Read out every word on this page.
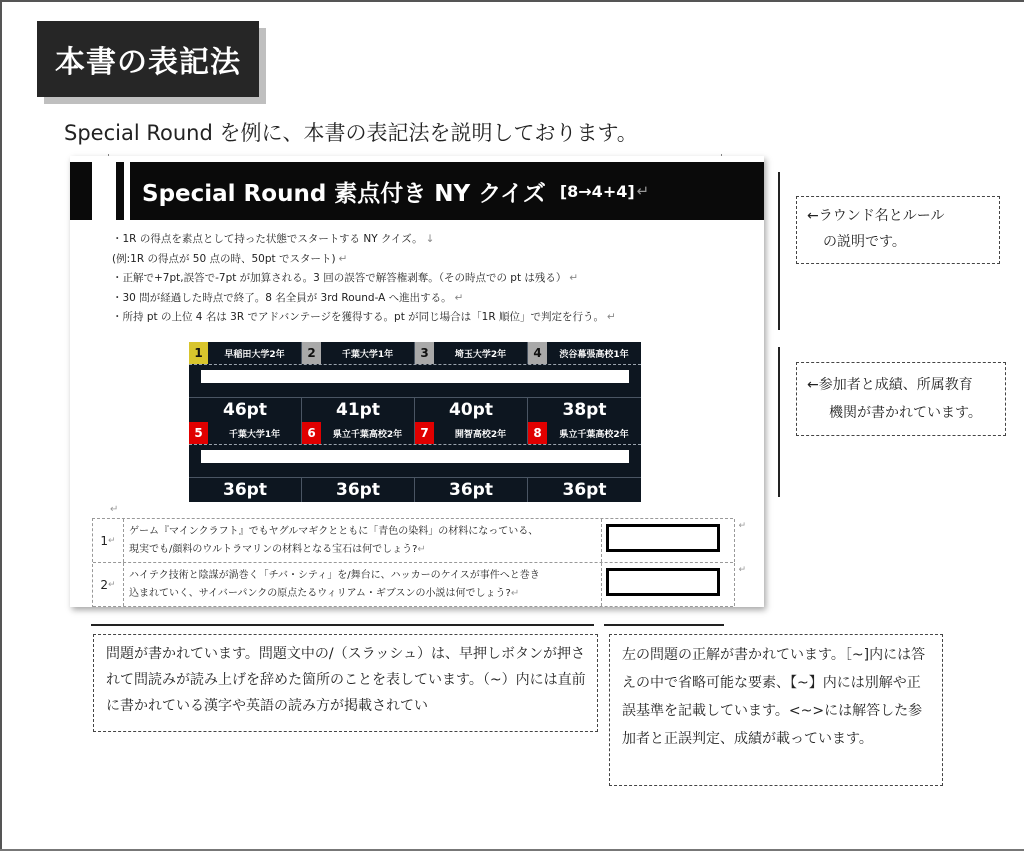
本書の表記法
Special Round を例に、本書の表記法を説明しております。
Special Round 素点付き NY クイズ [8→4+4] ↵
・1R の得点を素点として持った状態でスタートする NY クイズ。 ↓
(例:1R の得点が 50 点の時、50pt でスタート) ↵
・正解で+7pt,誤答で-7pt が加算される。3 回の誤答で解答権剥奪。（その時点での pt は残る） ↵
・30 問が経過した時点で終了。8 名全員が 3rd Round-A へ進出する。 ↵
・所持 pt の上位 4 名は 3R でアドバンテージを獲得する。pt が同じ場合は「1R 順位」で判定を行う。 ↵
1	早稲田大学2年	2	千葉大学1年	3	埼玉大学2年	4	渋谷幕張高校1年
46pt	41pt	40pt	38pt
5	千葉大学1年	6	県立千葉高校2年	7	開智高校2年	8	県立千葉高校2年
36pt	36pt	36pt	36pt
↵
1 ↵
ゲーム『マインクラフト』でもヤグルマギクとともに「青色の染料」の材料になっている、
現実でも/顔料のウルトラマリンの材料となる宝石は何でしょう?↵
↵
2 ↵
ハイテク技術と陰謀が渦巻く「チバ・シティ」を/舞台に、ハッカーのケイスが事件へと巻き
込まれていく、サイバーパンクの原点たるウィリアム・ギブスンの小説は何でしょう?↵
↵
←ラウンド名とルール
の説明です。
←参加者と成績、所属教育
機関が書かれています。
問題が書かれています。問題文中の/（スラッシュ）は、早押しボタンが押されて問読みが読み上げを辞めた箇所のことを表しています。（~）内には直前に書かれている漢字や英語の読み方が掲載されてい
左の問題の正解が書かれています。［~]内には答えの中で省略可能な要素、【~】内には別解や正誤基準を記載しています。<~>には解答した参加者と正誤判定、成績が載っています。
